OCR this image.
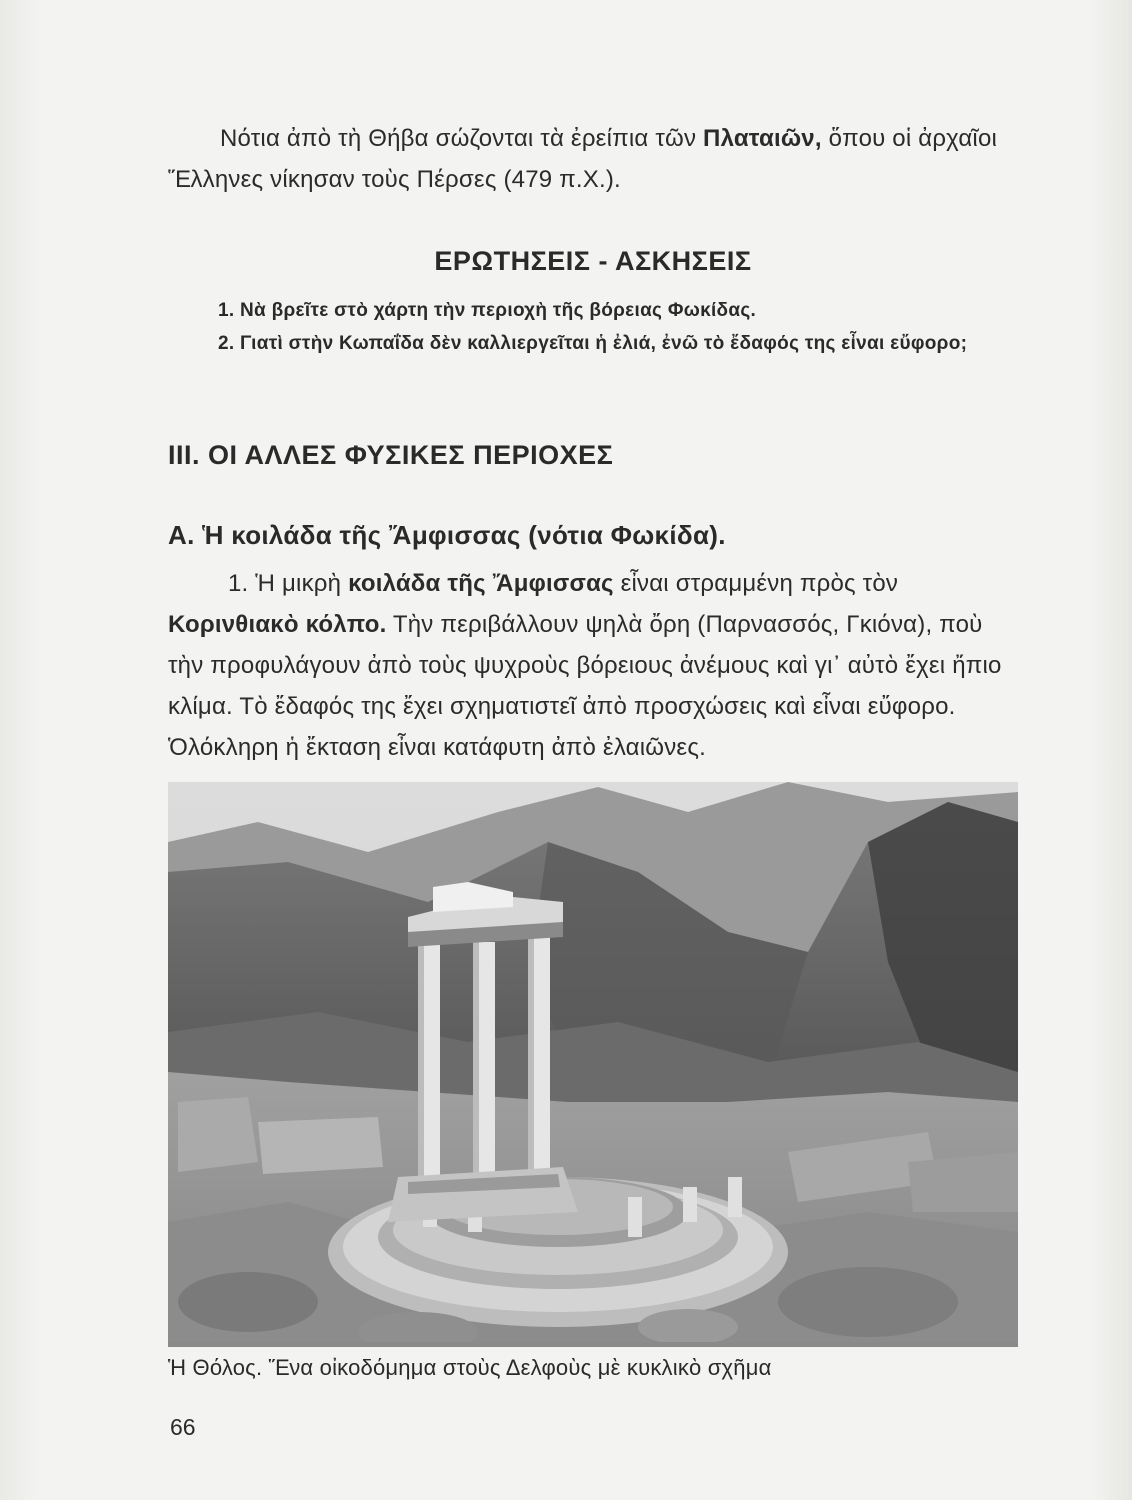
Νότια ἀπὸ τὴ Θήβα σώζονται τὰ ἐρείπια τῶν Πλαταιῶν, ὅπου οἱ ἀρχαῖοι Ἕλληνες νίκησαν τοὺς Πέρσες (479 π.Χ.).
ΕΡΩΤΗΣΕΙΣ - ΑΣΚΗΣΕΙΣ
1. Νὰ βρεῖτε στὸ χάρτη τὴν περιοχὴ τῆς βόρειας Φωκίδας.
2. Γιατὶ στὴν Κωπαΐδα δὲν καλλιεργεῖται ἡ ἐλιά, ἐνῶ τὸ ἔδαφός της εἶναι εὔφορο;
III. ΟΙ ΑΛΛΕΣ ΦΥΣΙΚΕΣ ΠΕΡΙΟΧΕΣ
Α. Ἡ κοιλάδα τῆς Ἄμφισσας (νότια Φωκίδα).
1. Ἡ μικρὴ κοιλάδα τῆς Ἄμφισσας εἶναι στραμμένη πρὸς τὸν Κορινθιακὸ κόλπο. Τὴν περιβάλλουν ψηλὰ ὄρη (Παρνασσός, Γκιόνα), ποὺ τὴν προφυλάγουν ἀπὸ τοὺς ψυχροὺς βόρειους ἀνέμους καὶ γι᾿ αὐτὸ ἔχει ἤπιο κλίμα. Τὸ ἔδαφός της ἔχει σχηματιστεῖ ἀπὸ προσχώσεις καὶ εἶναι εὔφορο. Ὁλόκληρη ἡ ἔκταση εἶναι κατάφυτη ἀπὸ ἐλαιῶνες.
Ἡ Θόλος. Ἕνα οἰκοδόμημα στοὺς Δελφοὺς μὲ κυκλικὸ σχῆμα
66
